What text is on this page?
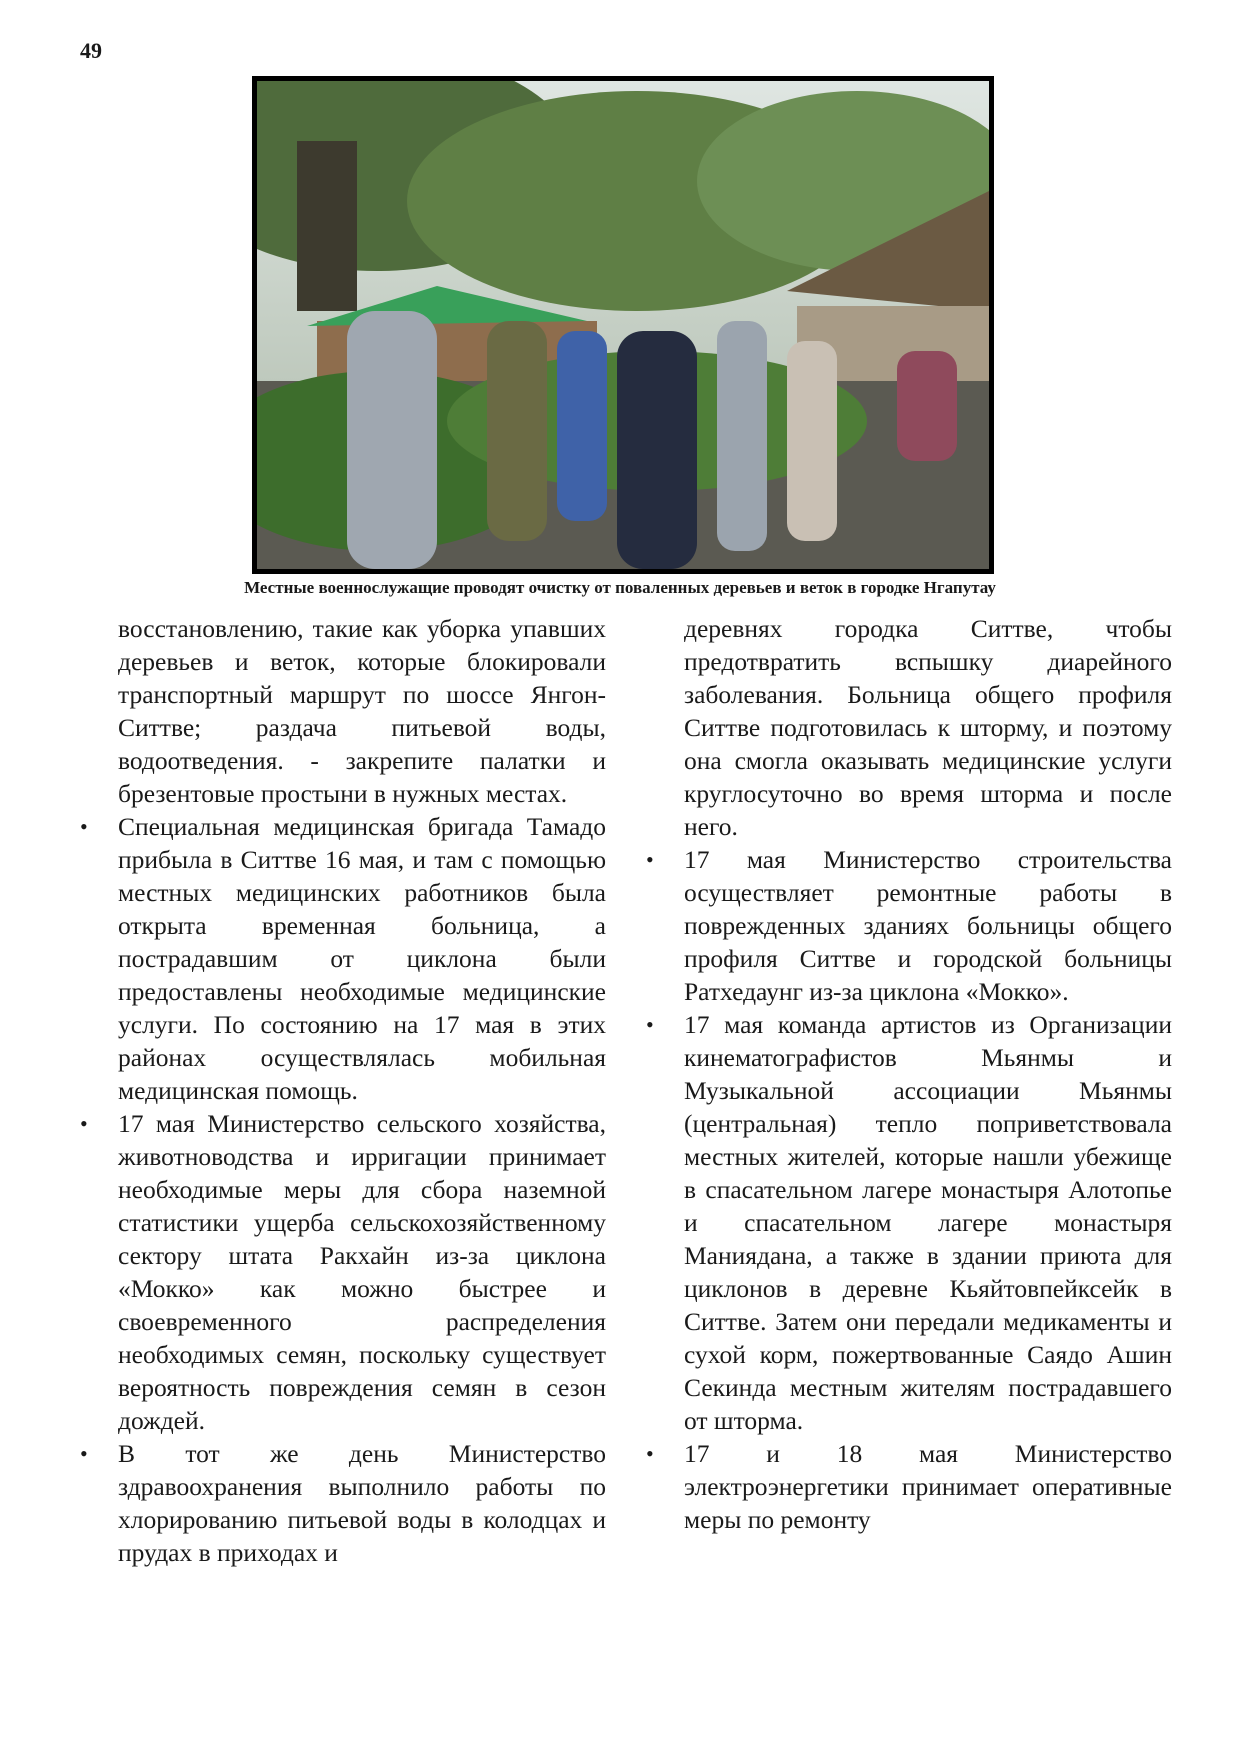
49
Местные военнослужащие проводят очистку от поваленных деревьев и веток в городке Нгапутау

восстановлению, такие как уборка упавших деревьев и веток, которые блокировали транспортный маршрут по шоссе Янгон-Ситтве; раздача питьевой воды, водоотведения. - закрепите палатки и брезентовые простыни в нужных местах.

• Специальная медицинская бригада Тамадо прибыла в Ситтве 16 мая, и там с помощью местных медицинских работников была открыта временная больница, а пострадавшим от циклона были предоставлены необходимые медицинские услуги. По состоянию на 17 мая в этих районах осуществлялась мобильная медицинская помощь.
• 17 мая Министерство сельского хозяйства, животноводства и ирригации принимает необходимые меры для сбора наземной статистики ущерба сельскохозяйственному сектору штата Ракхайн из-за циклона «Мокко» как можно быстрее и своевременного распределения необходимых семян, поскольку существует вероятность повреждения семян в сезон дождей.
• В тот же день Министерство здравоохранения выполнило работы по хлорированию питьевой воды в колодцах и прудах в приходах и

деревнях городка Ситтве, чтобы предотвратить вспышку диарейного заболевания. Больница общего профиля Ситтве подготовилась к шторму, и поэтому она смогла оказывать медицинские услуги круглосуточно во время шторма и после него.

• 17 мая Министерство строительства осуществляет ремонтные работы в поврежденных зданиях больницы общего профиля Ситтве и городской больницы Ратхедаунг из-за циклона «Мокко».
• 17 мая команда артистов из Организации кинематографистов Мьянмы и Музыкальной ассоциации Мьянмы (центральная) тепло поприветствовала местных жителей, которые нашли убежище в спасательном лагере монастыря Алотопье и спасательном лагере монастыря Маниядана, а также в здании приюта для циклонов в деревне Кьяйтовпейксейк в Ситтве. Затем они передали медикаменты и сухой корм, пожертвованные Саядо Ашин Секинда местным жителям пострадавшего от шторма.
• 17 и 18 мая Министерство электроэнергетики принимает оперативные меры по ремонту
